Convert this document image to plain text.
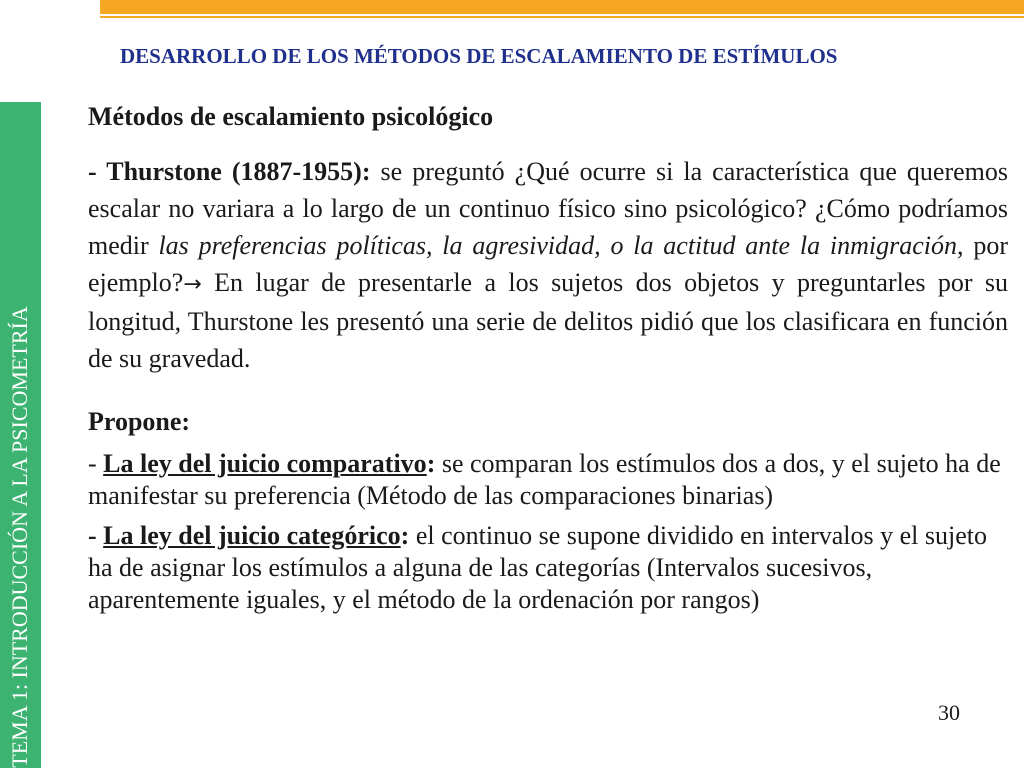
DESARROLLO DE LOS MÉTODOS DE ESCALAMIENTO DE ESTÍMULOS
TEMA 1: INTRODUCCIÓN A LA PSICOMETRÍA

Métodos de escalamiento psicológico

- Thurstone (1887-1955): se preguntó ¿Qué ocurre si la característica que queremos escalar no variara a lo largo de un continuo físico sino psicológico? ¿Cómo podríamos medir las preferencias políticas, la agresividad, o la actitud ante la inmigración, por ejemplo?→ En lugar de presentarle a los sujetos dos objetos y preguntarles por su longitud, Thurstone les presentó una serie de delitos pidió que los clasificara en función de su gravedad.

Propone:

- La ley del juicio comparativo: se comparan los estímulos dos a dos, y el sujeto ha de manifestar su preferencia (Método de las comparaciones binarias)

- La ley del juicio categórico: el continuo se supone dividido en intervalos y el sujeto ha de asignar los estímulos a alguna de las categorías (Intervalos sucesivos, aparentemente iguales, y el método de la ordenación por rangos)

30
